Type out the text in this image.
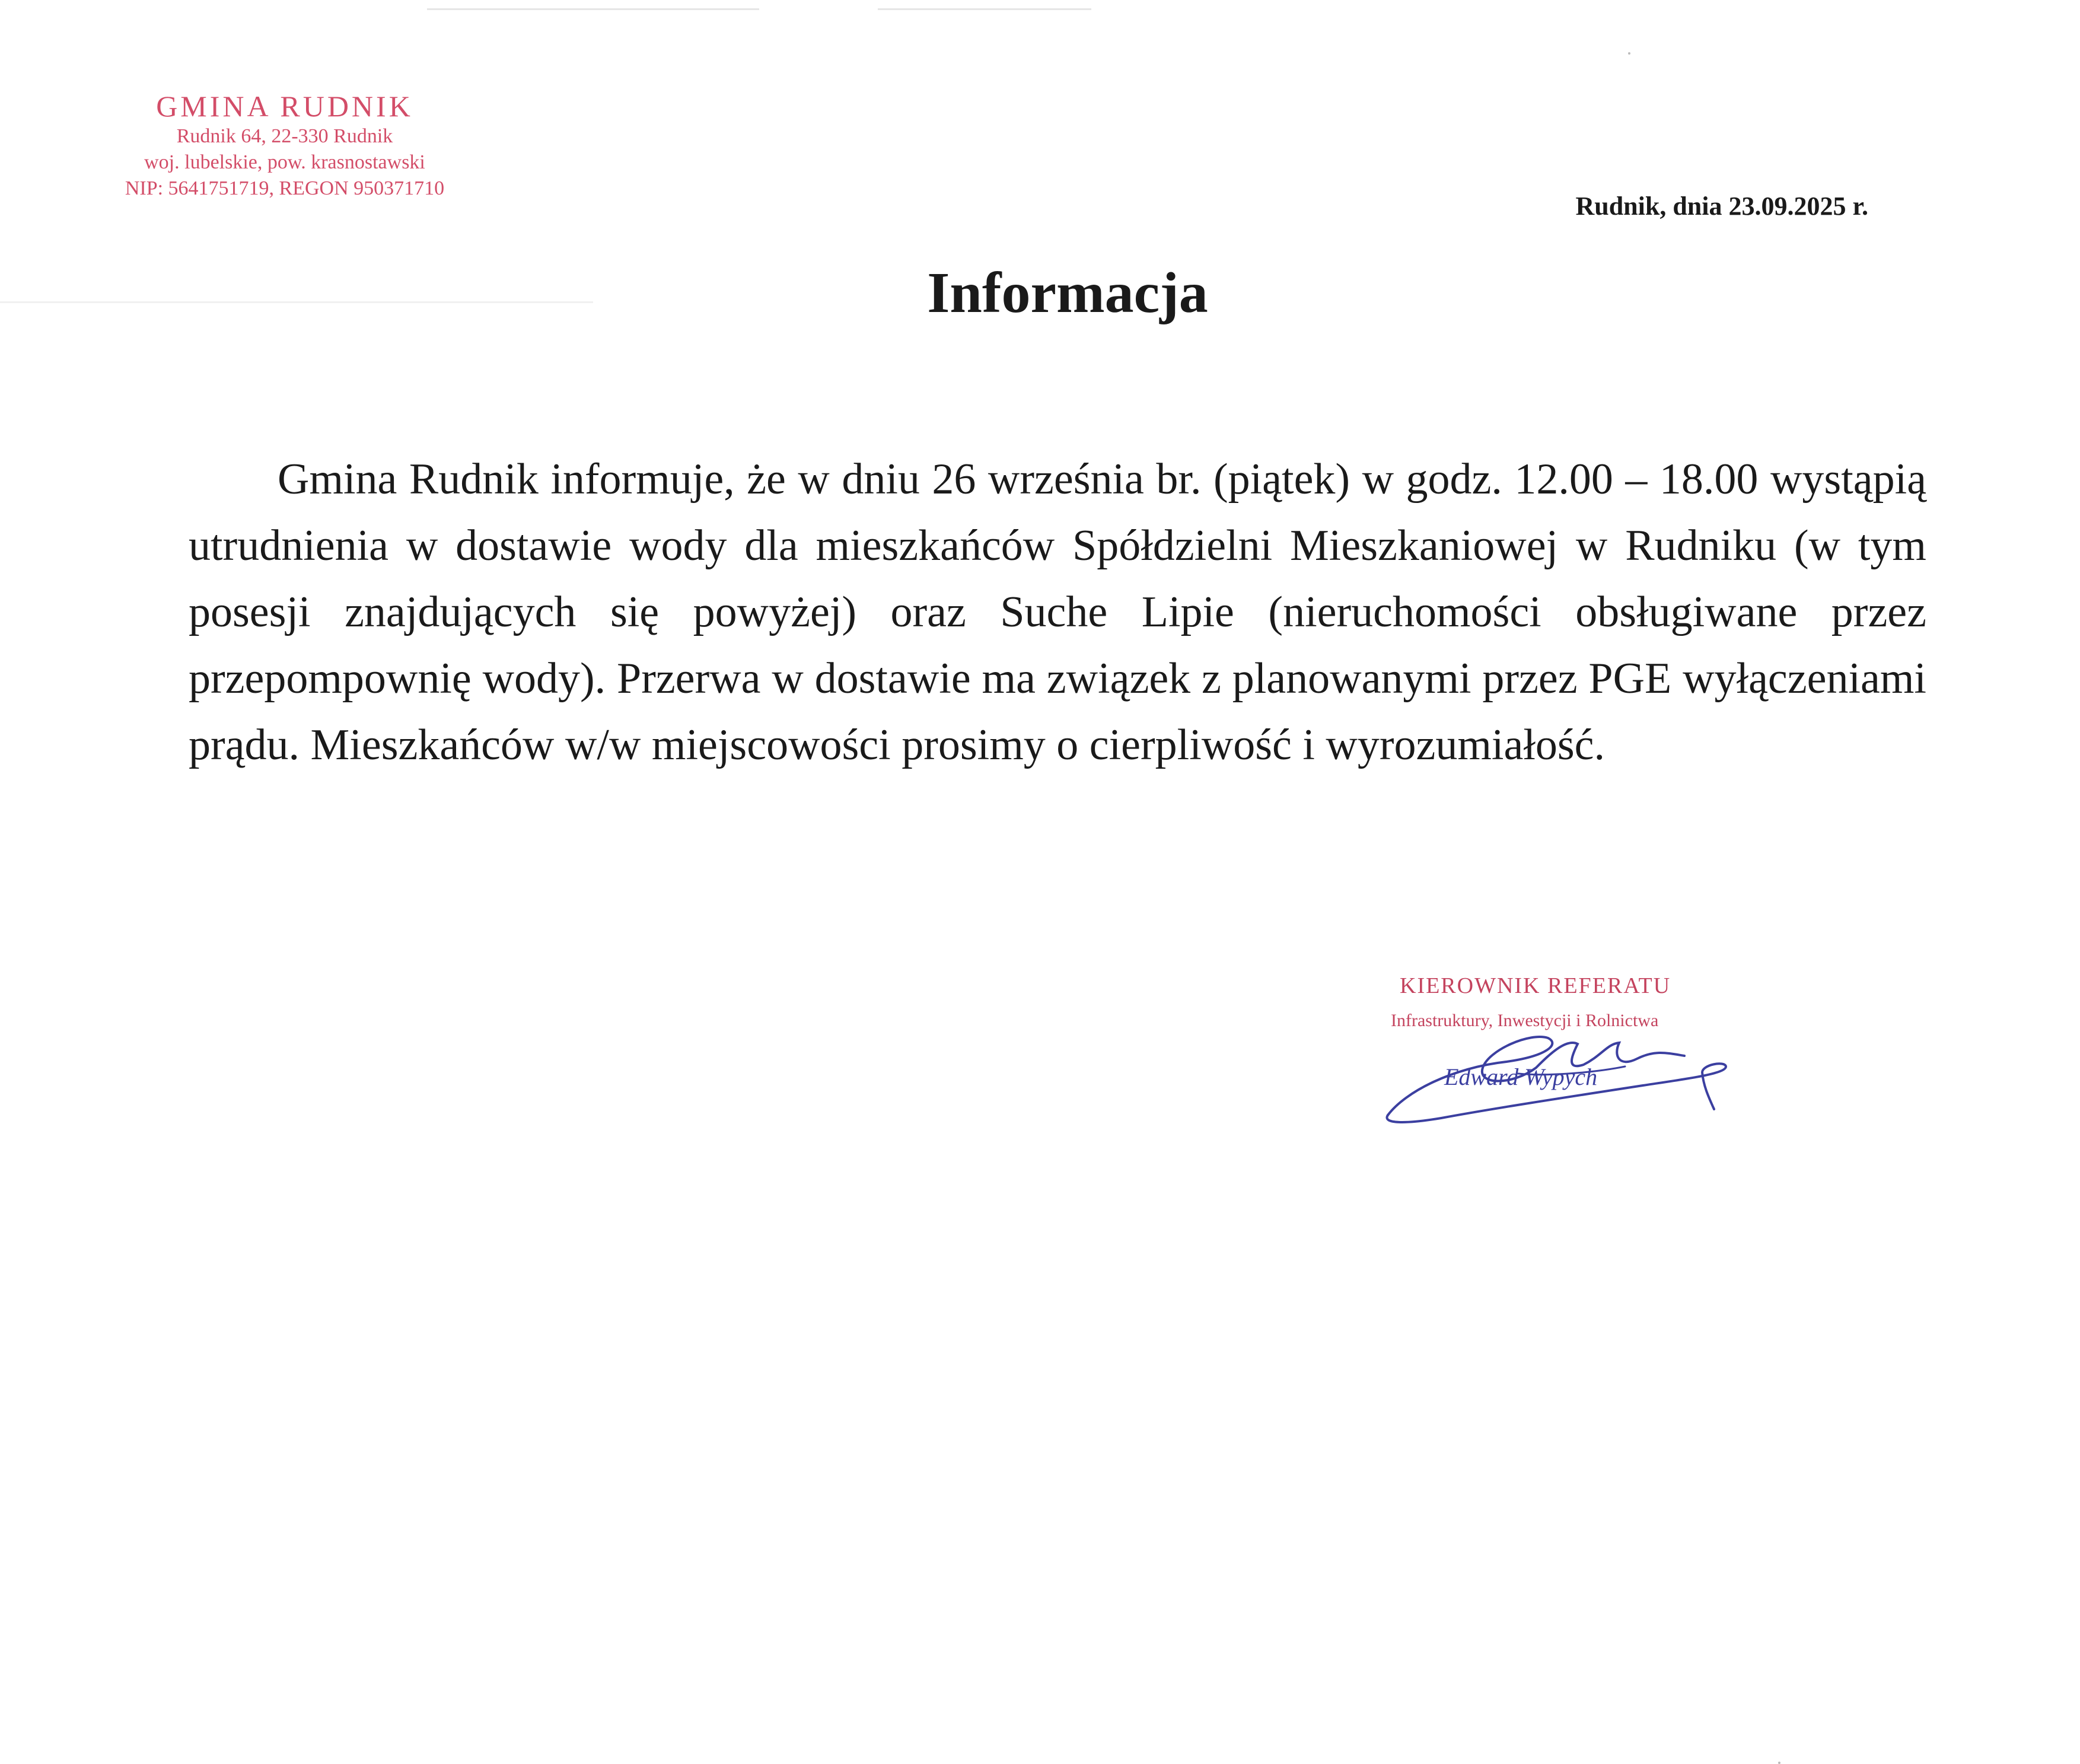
GMINA RUDNIK
Rudnik 64, 22-330 Rudnik
woj. lubelskie, pow. krasnostawski
NIP: 5641751719, REGON 950371710
Rudnik, dnia 23.09.2025 r.
Informacja

Gmina Rudnik informuje, że w dniu 26 września br. (piątek) w godz. 12.00 – 18.00 wystąpią utrudnienia w dostawie wody dla mieszkańców Spółdzielni Mieszkaniowej w Rudniku (w tym posesji znajdujących się powyżej) oraz Suche Lipie (nieruchomości obsługiwane przez przepompownię wody). Przerwa w dostawie ma związek z planowanymi przez PGE wyłączeniami prądu. Mieszkańców w/w miejscowości prosimy o cierpliwość i wyrozumiałość.

KIEROWNIK REFERATU
Infrastruktury, Inwestycji i Rolnictwa
Edward Wypych
